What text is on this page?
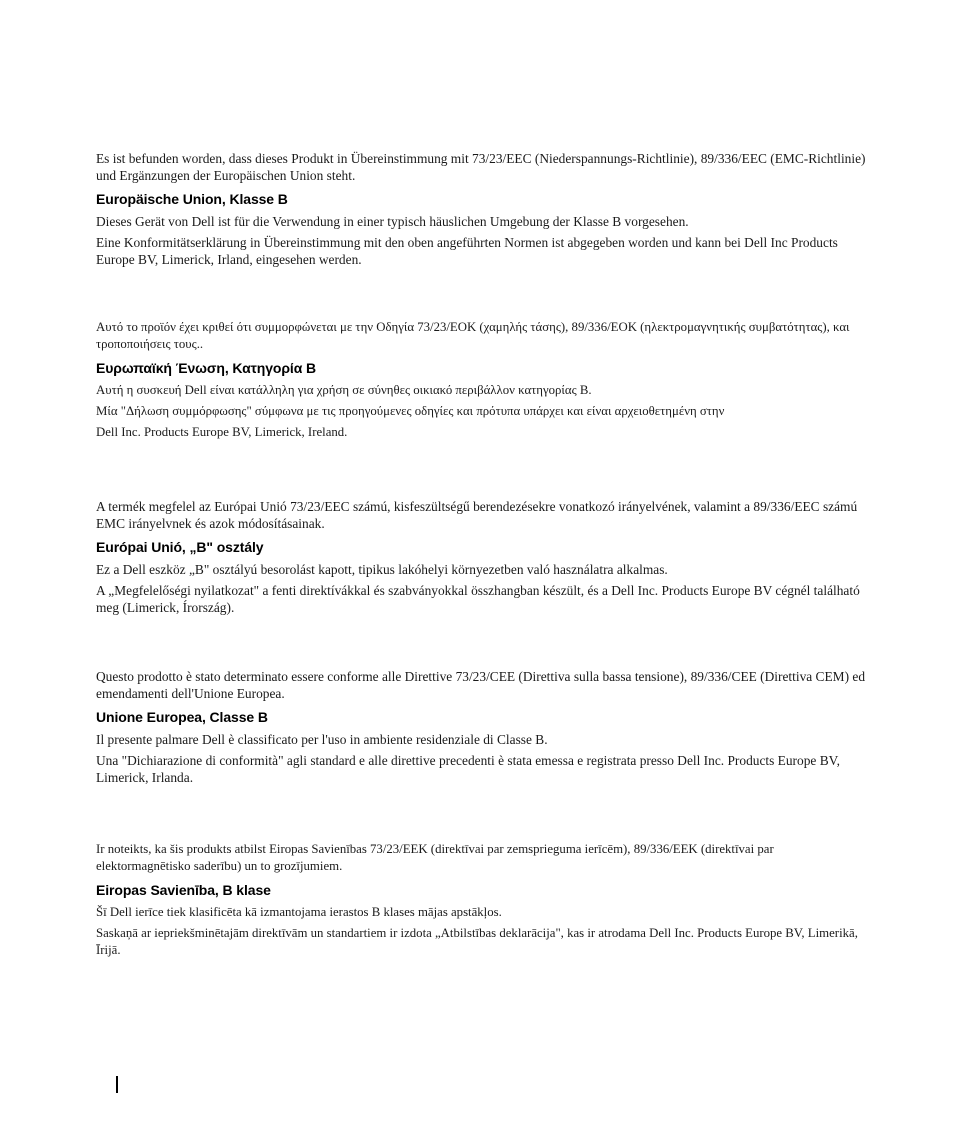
Es ist befunden worden, dass dieses Produkt in Übereinstimmung mit 73/23/EEC (Niederspannungs-Richtlinie), 89/336/EEC (EMC-Richtlinie) und Ergänzungen der Europäischen Union steht.

Europäische Union, Klasse B

Dieses Gerät von Dell ist für die Verwendung in einer typisch häuslichen Umgebung der Klasse B vorgesehen.

Eine Konformitätserklärung in Übereinstimmung mit den oben angeführten Normen ist abgegeben worden und kann bei Dell Inc Products Europe BV, Limerick, Irland, eingesehen werden.

Αυτό το προϊόν έχει κριθεί ότι συμμορφώνεται με την Οδηγία 73/23/ΕΟΚ (χαμηλής τάσης), 89/336/ΕΟΚ (ηλεκτρομαγνητικής συμβατότητας), και τροποποιήσεις τους..

Ευρωπαϊκή Ένωση, Κατηγορία Β

Αυτή η συσκευή Dell είναι κατάλληλη για χρήση σε σύνηθες οικιακό περιβάλλον κατηγορίας B.

Μία "Δήλωση συμμόρφωσης" σύμφωνα με τις προηγούμενες οδηγίες και πρότυπα υπάρχει και είναι αρχειοθετημένη στην

Dell Inc. Products Europe BV, Limerick, Ireland.

A termék megfelel az Európai Unió 73/23/EEC számú, kisfeszültségű berendezésekre vonatkozó irányelvének, valamint a 89/336/EEC számú EMC irányelvnek és azok módosításainak.

Európai Unió, „B" osztály

Ez a Dell eszköz „B" osztályú besorolást kapott, tipikus lakóhelyi környezetben való használatra alkalmas.

A „Megfelelőségi nyilatkozat" a fenti direktívákkal és szabványokkal összhangban készült, és a Dell Inc. Products Europe BV cégnél található meg (Limerick, Írország).

Questo prodotto è stato determinato essere conforme alle Direttive 73/23/CEE (Direttiva sulla bassa tensione), 89/336/CEE (Direttiva CEM) ed emendamenti dell'Unione Europea.

Unione Europea, Classe B

Il presente palmare Dell è classificato per l'uso in ambiente residenziale di Classe B.

Una "Dichiarazione di conformità" agli standard e alle direttive precedenti è stata emessa e registrata presso Dell Inc. Products Europe BV, Limerick, Irlanda.

Ir noteikts, ka šis produkts atbilst Eiropas Savienības 73/23/EEK (direktīvai par zemsprieguma ierīcēm), 89/336/EEK (direktīvai par elektormagnētisko saderību) un to grozījumiem.

Eiropas Savienība, B klase

Šī Dell ierīce tiek klasificēta kā izmantojama ierastos B klases mājas apstākļos.

Saskaņā ar iepriekšminētajām direktīvām un standartiem ir izdota „Atbilstības deklarācija", kas ir atrodama Dell Inc. Products Europe BV, Limerikā, Īrijā.
